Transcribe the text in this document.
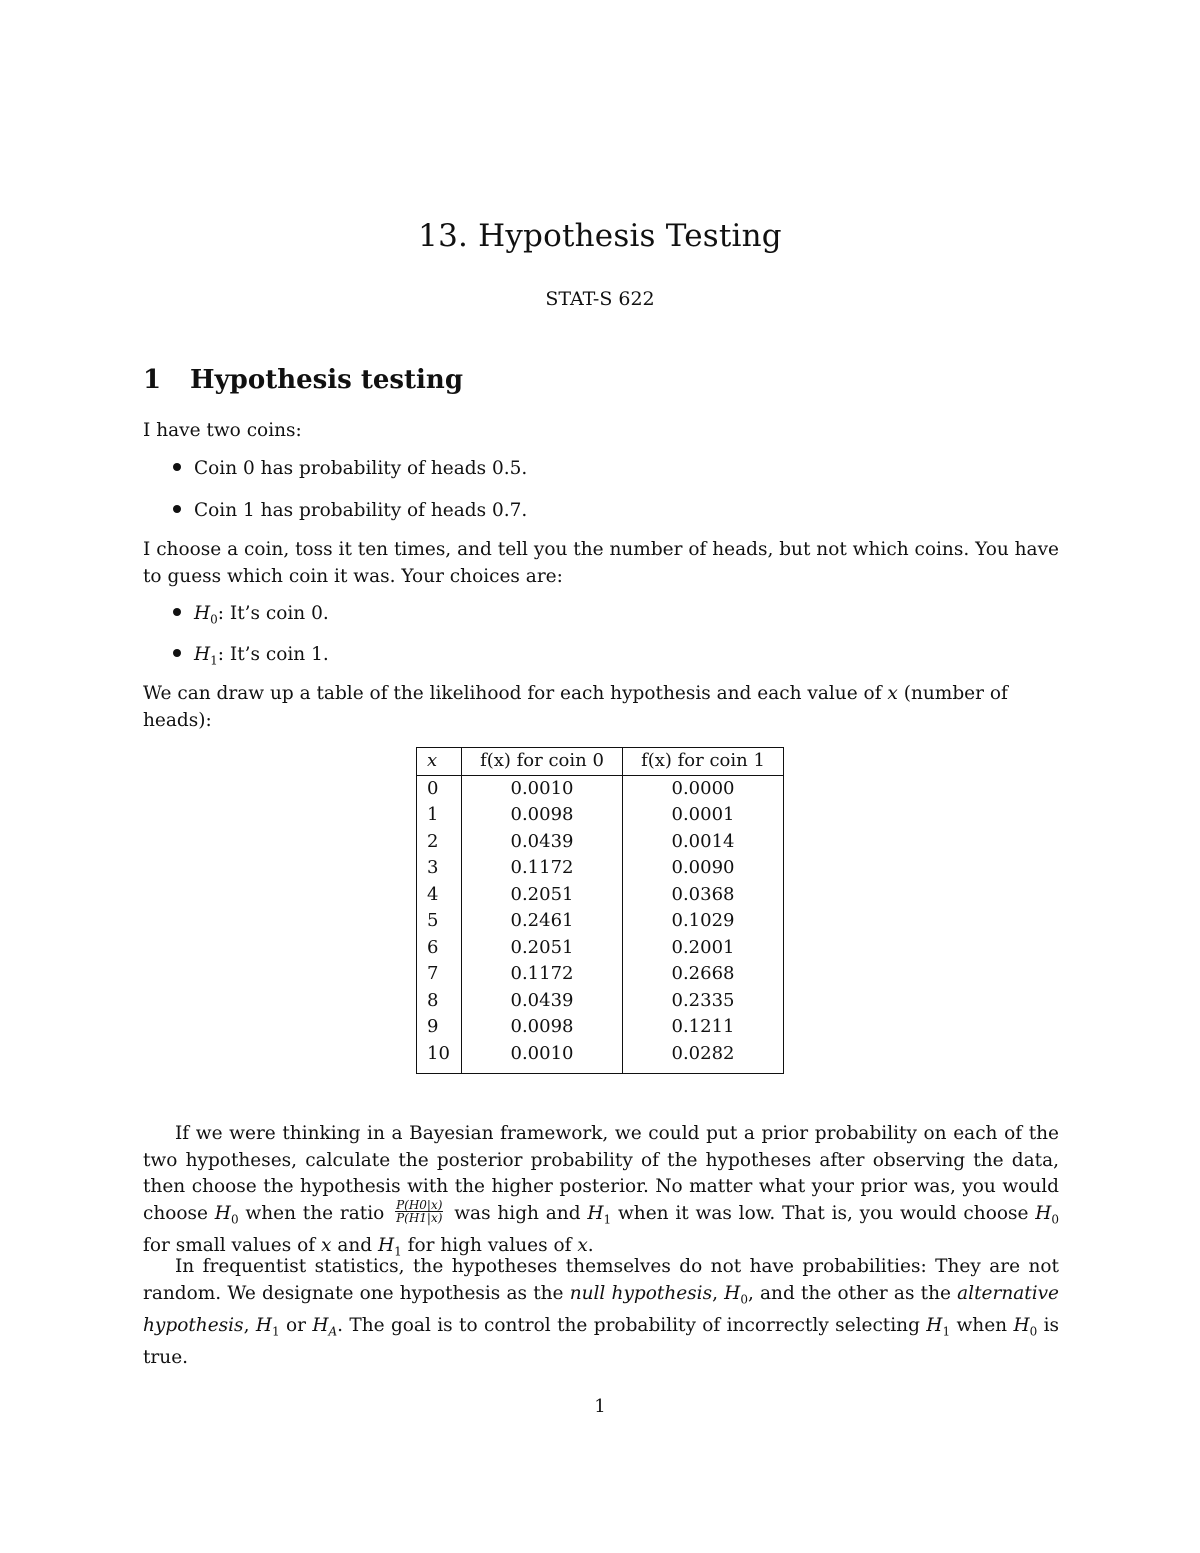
13. Hypothesis Testing
STAT-S 622
1 Hypothesis testing
I have two coins:
Coin 0 has probability of heads 0.5.
Coin 1 has probability of heads 0.7.
I choose a coin, toss it ten times, and tell you the number of heads, but not which coins. You have to guess which coin it was. Your choices are:
$H_0$: It’s coin 0.
$H_1$: It’s coin 1.
We can draw up a table of the likelihood for each hypothesis and each value of x (number of heads):
x	f(x) for coin 0	f(x) for coin 1
0	0.0010	0.0000
1	0.0098	0.0001
2	0.0439	0.0014
3	0.1172	0.0090
4	0.2051	0.0368
5	0.2461	0.1029
6	0.2051	0.2001
7	0.1172	0.2668
8	0.0439	0.2335
9	0.0098	0.1211
10	0.0010	0.0282
If we were thinking in a Bayesian framework, we could put a prior probability on each of the two hypotheses, calculate the posterior probability of the hypotheses after observing the data, then choose the hypothesis with the higher posterior. No matter what your prior was, you would choose $H_0$ when the ratio $\frac{P(H0|x)}{P(H1|x)}$ was high and $H_1$ when it was low. That is, you would choose $H_0$ for small values of x and $H_1$ for high values of x.
In frequentist statistics, the hypotheses themselves do not have probabilities: They are not random. We designate one hypothesis as the null hypothesis, $H_0$, and the other as the alternative hypothesis, $H_1$ or $H_A$. The goal is to control the probability of incorrectly selecting $H_1$ when $H_0$ is true.
1
